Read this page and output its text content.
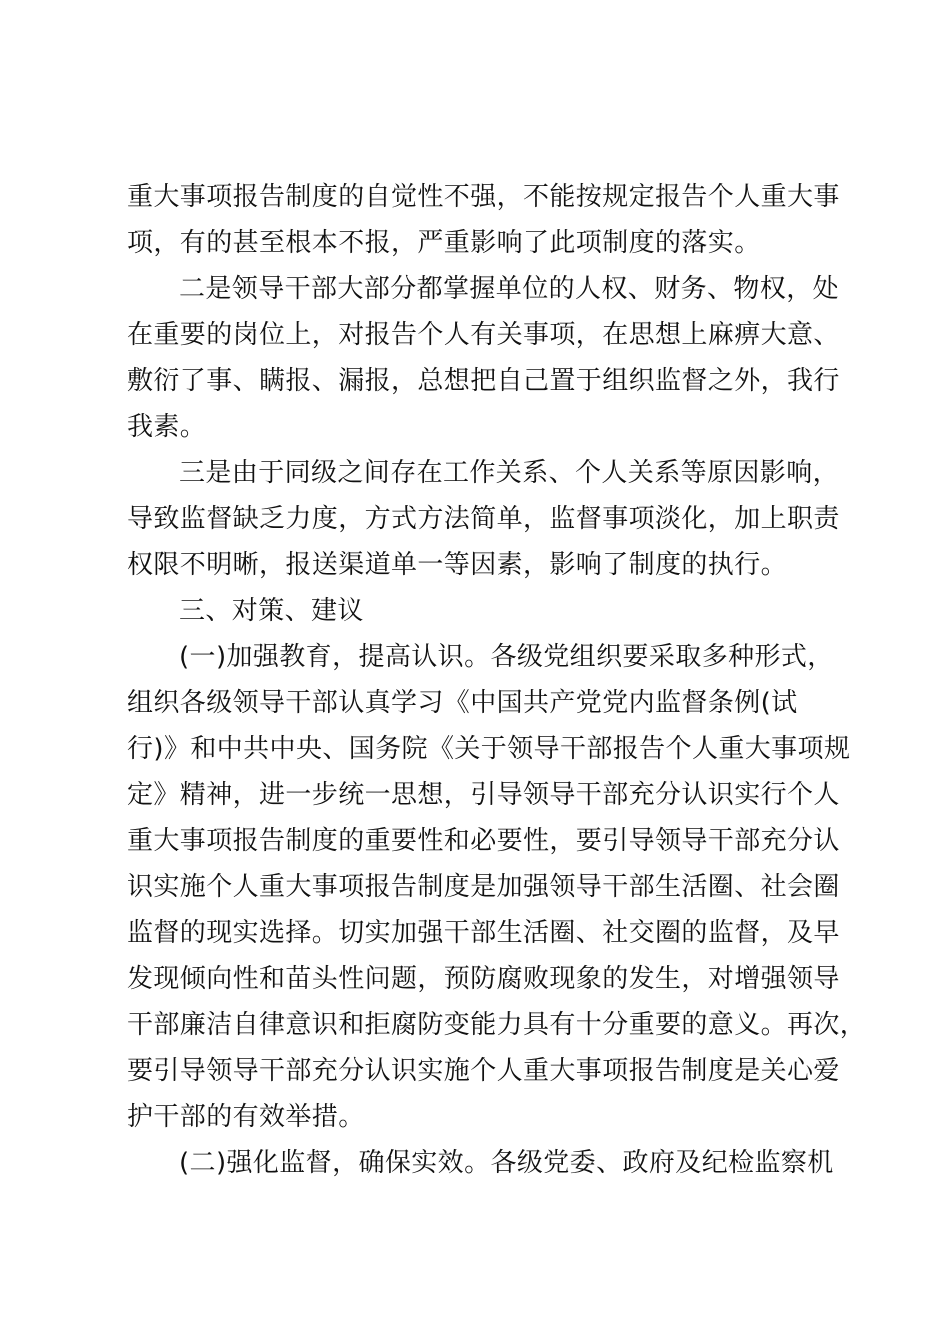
重大事项报告制度的自觉性不强，不能按规定报告个人重大事
项，有的甚至根本不报，严重影响了此项制度的落实。
二是领导干部大部分都掌握单位的人权、财务、物权，处
在重要的岗位上，对报告个人有关事项，在思想上麻痹大意、
敷衍了事、瞒报、漏报，总想把自己置于组织监督之外，我行
我素。
三是由于同级之间存在工作关系、个人关系等原因影响，
导致监督缺乏力度，方式方法简单，监督事项淡化，加上职责
权限不明晰，报送渠道单一等因素，影响了制度的执行。
三、对策、建议
(一)加强教育，提高认识。各级党组织要采取多种形式，
组织各级领导干部认真学习《中国共产党党内监督条例(试
行)》和中共中央、国务院《关于领导干部报告个人重大事项规
定》精神，进一步统一思想，引导领导干部充分认识实行个人
重大事项报告制度的重要性和必要性，要引导领导干部充分认
识实施个人重大事项报告制度是加强领导干部生活圈、社会圈
监督的现实选择。切实加强干部生活圈、社交圈的监督，及早
发现倾向性和苗头性问题，预防腐败现象的发生，对增强领导
干部廉洁自律意识和拒腐防变能力具有十分重要的意义。再次，
要引导领导干部充分认识实施个人重大事项报告制度是关心爱
护干部的有效举措。
(二)强化监督，确保实效。各级党委、政府及纪检监察机
